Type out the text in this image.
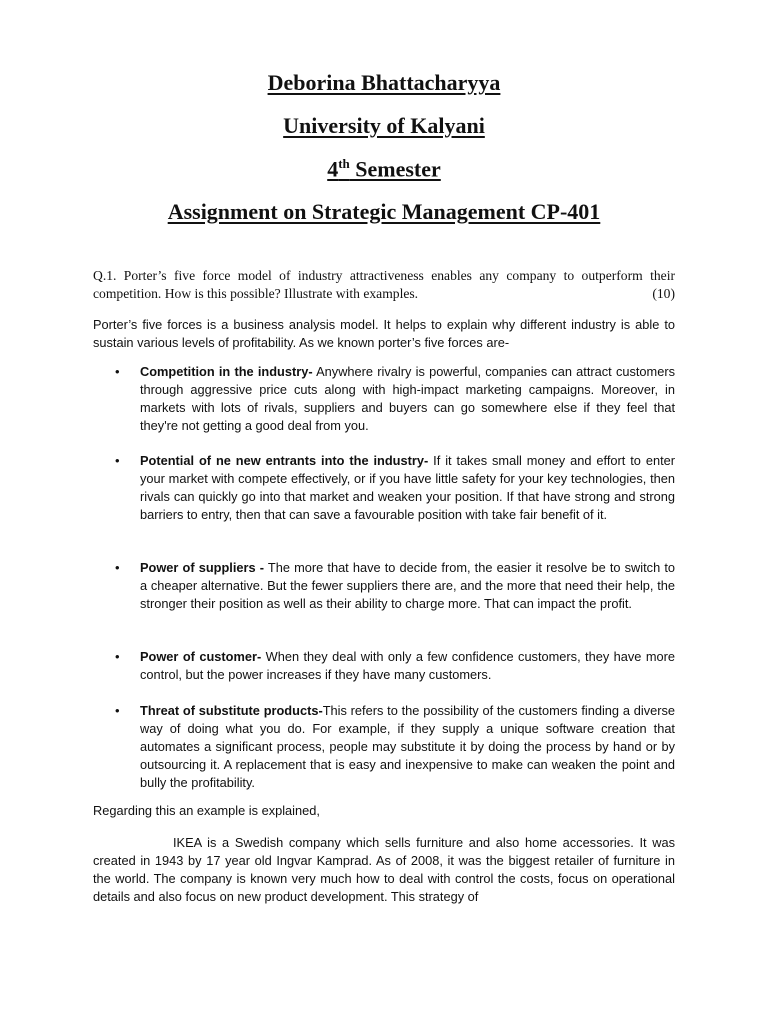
Deborina Bhattacharyya
University of Kalyani
4th Semester
Assignment on Strategic Management CP-401
Q.1. Porter’s five force model of industry attractiveness enables any company to outperform their competition. How is this possible? Illustrate with examples.	(10)
Porter’s five forces is a business analysis model. It helps to explain why different industry is able to sustain various levels of profitability. As we known porter’s five forces are-
• Competition in the industry- Anywhere rivalry is powerful, companies can attract customers through aggressive price cuts along with high-impact marketing campaigns. Moreover, in markets with lots of rivals, suppliers and buyers can go somewhere else if they feel that they're not getting a good deal from you.
• Potential of ne new entrants into the industry- If it takes small money and effort to enter your market with compete effectively, or if you have little safety for your key technologies, then rivals can quickly go into that market and weaken your position. If that have strong and strong barriers to entry, then that can save a favourable position with take fair benefit of it.
• Power of suppliers - The more that have to decide from, the easier it resolve be to switch to a cheaper alternative. But the fewer suppliers there are, and the more that need their help, the stronger their position as well as their ability to charge more. That can impact the profit.
• Power of customer- When they deal with only a few confidence customers, they have more control, but the power increases if they have many customers.
• Threat of substitute products-This refers to the possibility of the customers finding a diverse way of doing what you do. For example, if they supply a unique software creation that automates a significant process, people may substitute it by doing the process by hand or by outsourcing it. A replacement that is easy and inexpensive to make can weaken the point and bully the profitability.
Regarding this an example is explained,
IKEA is a Swedish company which sells furniture and also home accessories. It was created in 1943 by 17 year old Ingvar Kamprad. As of 2008, it was the biggest retailer of furniture in the world. The company is known very much how to deal with control the costs, focus on operational details and also focus on new product development. This strategy of
